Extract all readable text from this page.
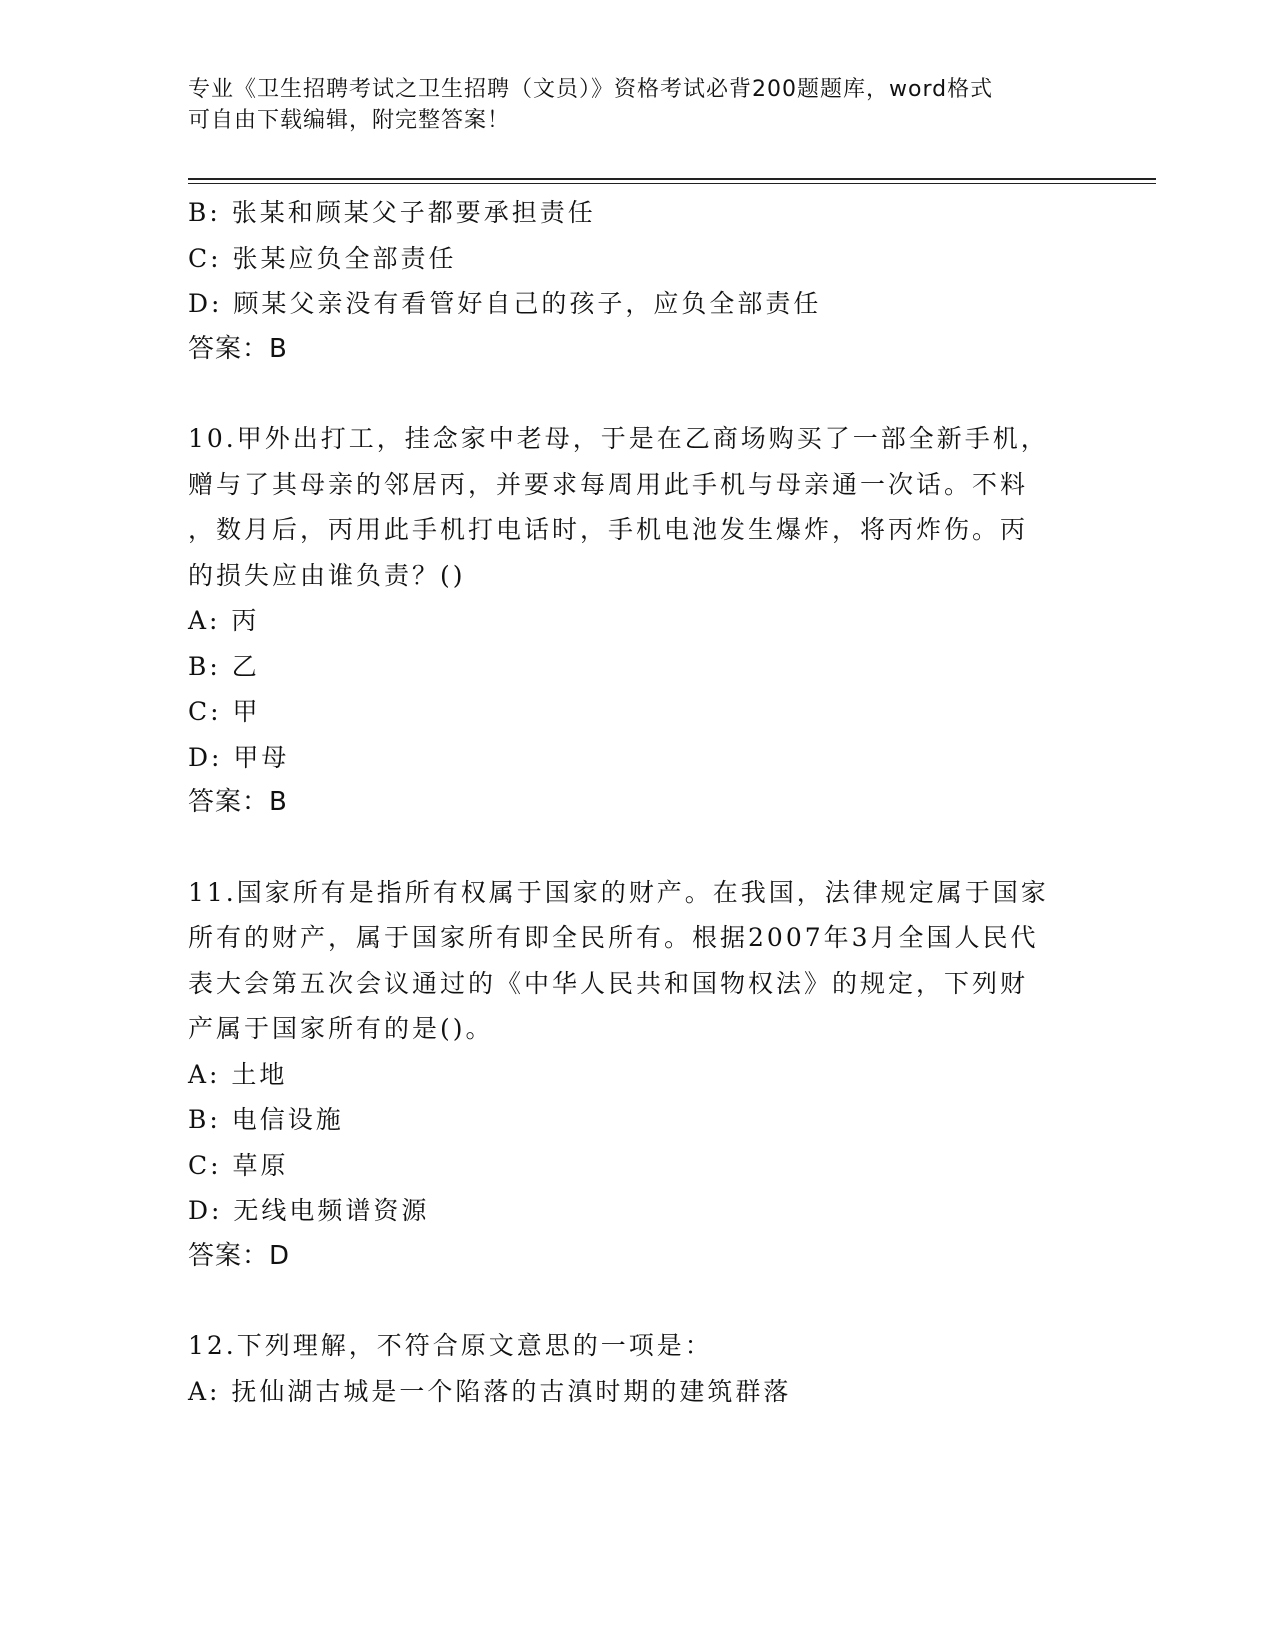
专业《卫生招聘考试之卫生招聘（文员）》资格考试必背200题题库，word格式
可自由下载编辑，附完整答案！
B: 张某和顾某父子都要承担责任
C: 张某应负全部责任
D: 顾某父亲没有看管好自己的孩子，应负全部责任
答案：B
10.甲外出打工，挂念家中老母，于是在乙商场购买了一部全新手机，
赠与了其母亲的邻居丙，并要求每周用此手机与母亲通一次话。不料
，数月后，丙用此手机打电话时，手机电池发生爆炸，将丙炸伤。丙
的损失应由谁负责？()
A: 丙
B: 乙
C: 甲
D: 甲母
答案：B
11.国家所有是指所有权属于国家的财产。在我国，法律规定属于国家
所有的财产，属于国家所有即全民所有。根据2007年3月全国人民代
表大会第五次会议通过的《中华人民共和国物权法》的规定，下列财
产属于国家所有的是()。
A: 土地
B: 电信设施
C: 草原
D: 无线电频谱资源
答案：D
12.下列理解，不符合原文意思的一项是：
A: 抚仙湖古城是一个陷落的古滇时期的建筑群落
